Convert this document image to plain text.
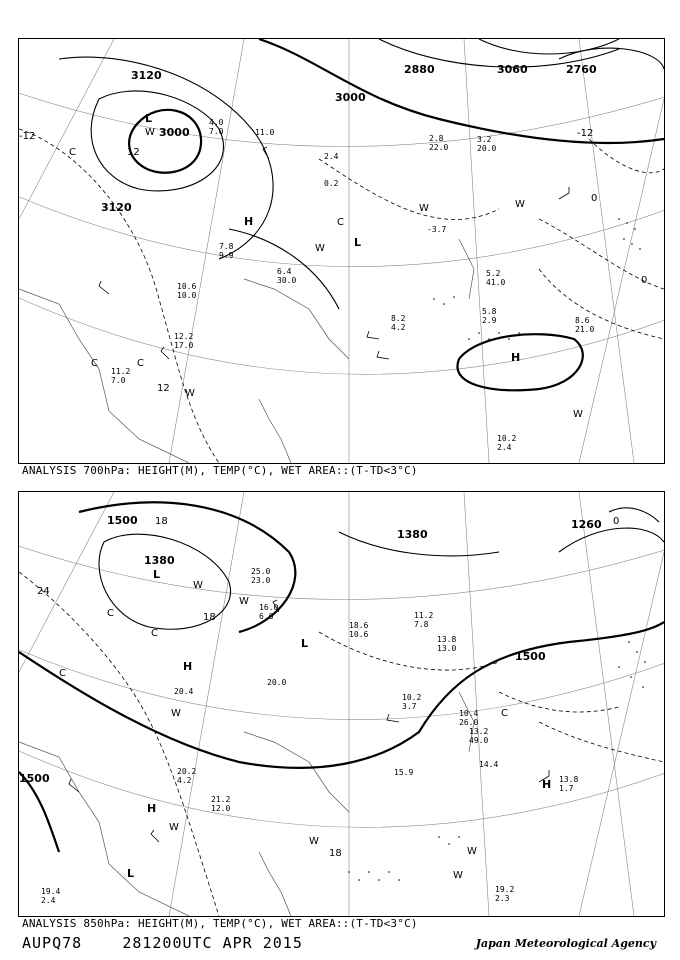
3120
3000
3000
3060
2880	2760
3120
-12
12
12
0
0
-12
L
L
H
H
W
W	W
W
C
C
C	C
W
W
11.0
2.4
0.2
-3.7
5.2
41.0
8.6
21.0
5.8
2.9
8.2
4.2
10.2
2.4
7.8
9.9
6.4
30.0
10.6
10.0
12.2
17.0
11.2
7.0
2.8
22.0
3.2
20.0
4.0
7.0
ANALYSIS 700hPa: HEIGHT(M), TEMP(°C), WET AREA::(T-TD<3°C)
1500
1380
1380
1260
1500
1500
18
24
18
18
0
L
L
H
H
H
L
C
C
C
C
W
W
W
W
W
W
W
10.2
3.7
10.4
26.0
13.2
49.0
14.4
15.9
13.8
1.7
19.2
2.3
21.2
12.0
20.2
4.2
19.4
2.4
16.0
6.6
20.0
20.4
25.0
23.0
18.6
10.6
13.8
13.0
11.2
7.8
ANALYSIS 850hPa: HEIGHT(M), TEMP(°C), WET AREA::(T-TD<3°C)
AUPQ78	281200UTC APR 2015	Japan Meteorological Agency
